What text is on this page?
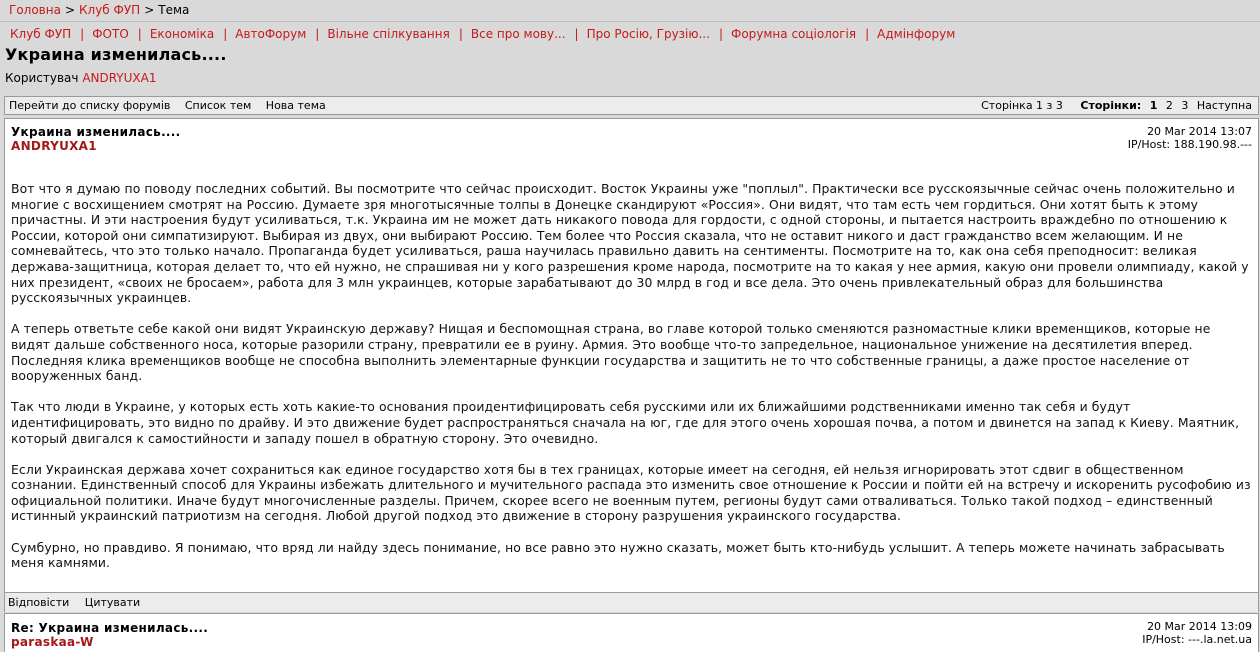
Головна > Клуб ФУП > Тема
Клуб ФУП | ФОТО | Економіка | АвтоФорум | Вільне спілкування | Все про мову... | Про Росію, Грузію... | Форумна соціологія | Адмінфорум
Украина изменилась....
Користувач ANDRYUXA1
Перейти до списку форумів Список тем Нова тема	Сторінка 1 з 3 Сторінки: 1 2 3 Наступна
Украина изменилась....
ANDRYUXA1
20 Mar 2014 13:07
IP/Host: 188.190.98.---

Вот что я думаю по поводу последних событий. Вы посмотрите что сейчас происходит. Восток Украины уже "поплыл". Практически все русскоязычные сейчас очень положительно и многие с восхищением смотрят на Россию. Думаете зря многотысячные толпы в Донецке скандируют «Россия». Они видят, что там есть чем гордиться. Они хотят быть к этому причастны. И эти настроения будут усиливаться, т.к. Украина им не может дать никакого повода для гордости, с одной стороны, и пытается настроить враждебно по отношению к России, которой они симпатизируют. Выбирая из двух, они выбирают Россию. Тем более что Россия сказала, что не оставит никого и даст гражданство всем желающим. И не сомневайтесь, что это только начало. Пропаганда будет усиливаться, раша научилась правильно давить на сентименты. Посмотрите на то, как она себя преподносит: великая держава-защитница, которая делает то, что ей нужно, не спрашивая ни у кого разрешения кроме народа, посмотрите на то какая у нее армия, какую они провели олимпиаду, какой у них президент, «своих не бросаем», работа для 3 млн украинцев, которые зарабатывают до 30 млрд в год и все дела. Это очень привлекательный образ для большинства русскоязычных украинцев.

А теперь ответьте себе какой они видят Украинскую державу? Нищая и беспомощная страна, во главе которой только сменяются разномастные клики временщиков, которые не видят дальше собственного носа, которые разорили страну, превратили ее в руину. Армия. Это вообще что-то запредельное, национальное унижение на десятилетия вперед. Последняя клика временщиков вообще не способна выполнить элементарные функции государства и защитить не то что собственные границы, а даже простое население от вооруженных банд.

Так что люди в Украине, у которых есть хоть какие-то основания проидентифицировать себя русскими или их ближайшими родственниками именно так себя и будут идентифицировать, это видно по драйву. И это движение будет распространяться сначала на юг, где для этого очень хорошая почва, а потом и двинется на запад к Киеву. Маятник, который двигался к самостийности и западу пошел в обратную сторону. Это очевидно.

Если Украинская держава хочет сохраниться как единое государство хотя бы в тех границах, которые имеет на сегодня, ей нельзя игнорировать этот сдвиг в общественном сознании. Единственный способ для Украины избежать длительного и мучительного распада это изменить свое отношение к России и пойти ей на встречу и искоренить русофобию из официальной политики. Иначе будут многочисленные разделы. Причем, скорее всего не военным путем, регионы будут сами отваливаться. Только такой подход – единственный истинный украинский патриотизм на сегодня. Любой другой подход это движение в сторону разрушения украинского государства.

Сумбурно, но правдиво. Я понимаю, что вряд ли найду здесь понимание, но все равно это нужно сказать, может быть кто-нибудь услышит. А теперь можете начинать забрасывать меня камнями.

Відповісти Цитувати
Re: Украина изменилась....
paraskaa-W
20 Mar 2014 13:09
IP/Host: ---.la.net.ua
